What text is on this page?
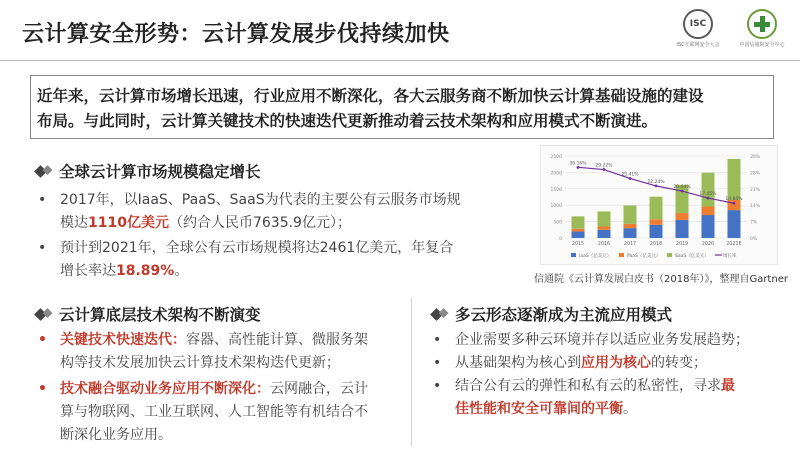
云计算安全形势：云计算发展步伐持续加快	ISC
ISC互联网安全大会	中国信通院安全中心

近年来，云计算市场增长迅速，行业应用不断深化，各大云服务商不断加快云计算基础设施的建设

布局。与此同时，云计算关键技术的快速迭代更新推动着云技术架构和应用模式不断演进。

全球云计算市场规模稳定增长
• 2017年，以IaaS、PaaS、SaaS为代表的主要公有云服务市场规
模达1110亿美元（约合人民币7635.9亿元）；
• 预计到2021年，全球公有云市场规模将达2461亿美元，年复合
增长率达18.89%。
0	0%
500	7%
1000	14%
1500	21%
2000	28%
2500	35%
2015	2016	2017	2018	2019	2020	2021E
30.16% 29.22%
25.41%
22.24%
20.04%
17.05%
14.84%
IaaS（亿美元）	PaaS（亿美元）	SaaS（亿美元）	增长率
信通院《云计算发展白皮书（2018年）》，整理自Gartner
云计算底层技术架构不断演变
• 关键技术快速迭代：容器、高性能计算、微服务架
构等技术发展加快云计算技术架构迭代更新；
• 技术融合驱动业务应用不断深化：云网融合，云计
算与物联网、工业互联网、人工智能等有机结合不
断深化业务应用。
多云形态逐渐成为主流应用模式
• 企业需要多种云环境并存以适应业务发展趋势；
• 从基础架构为核心到应用为核心的转变；
• 结合公有云的弹性和私有云的私密性，寻求最
佳性能和安全可靠间的平衡。
